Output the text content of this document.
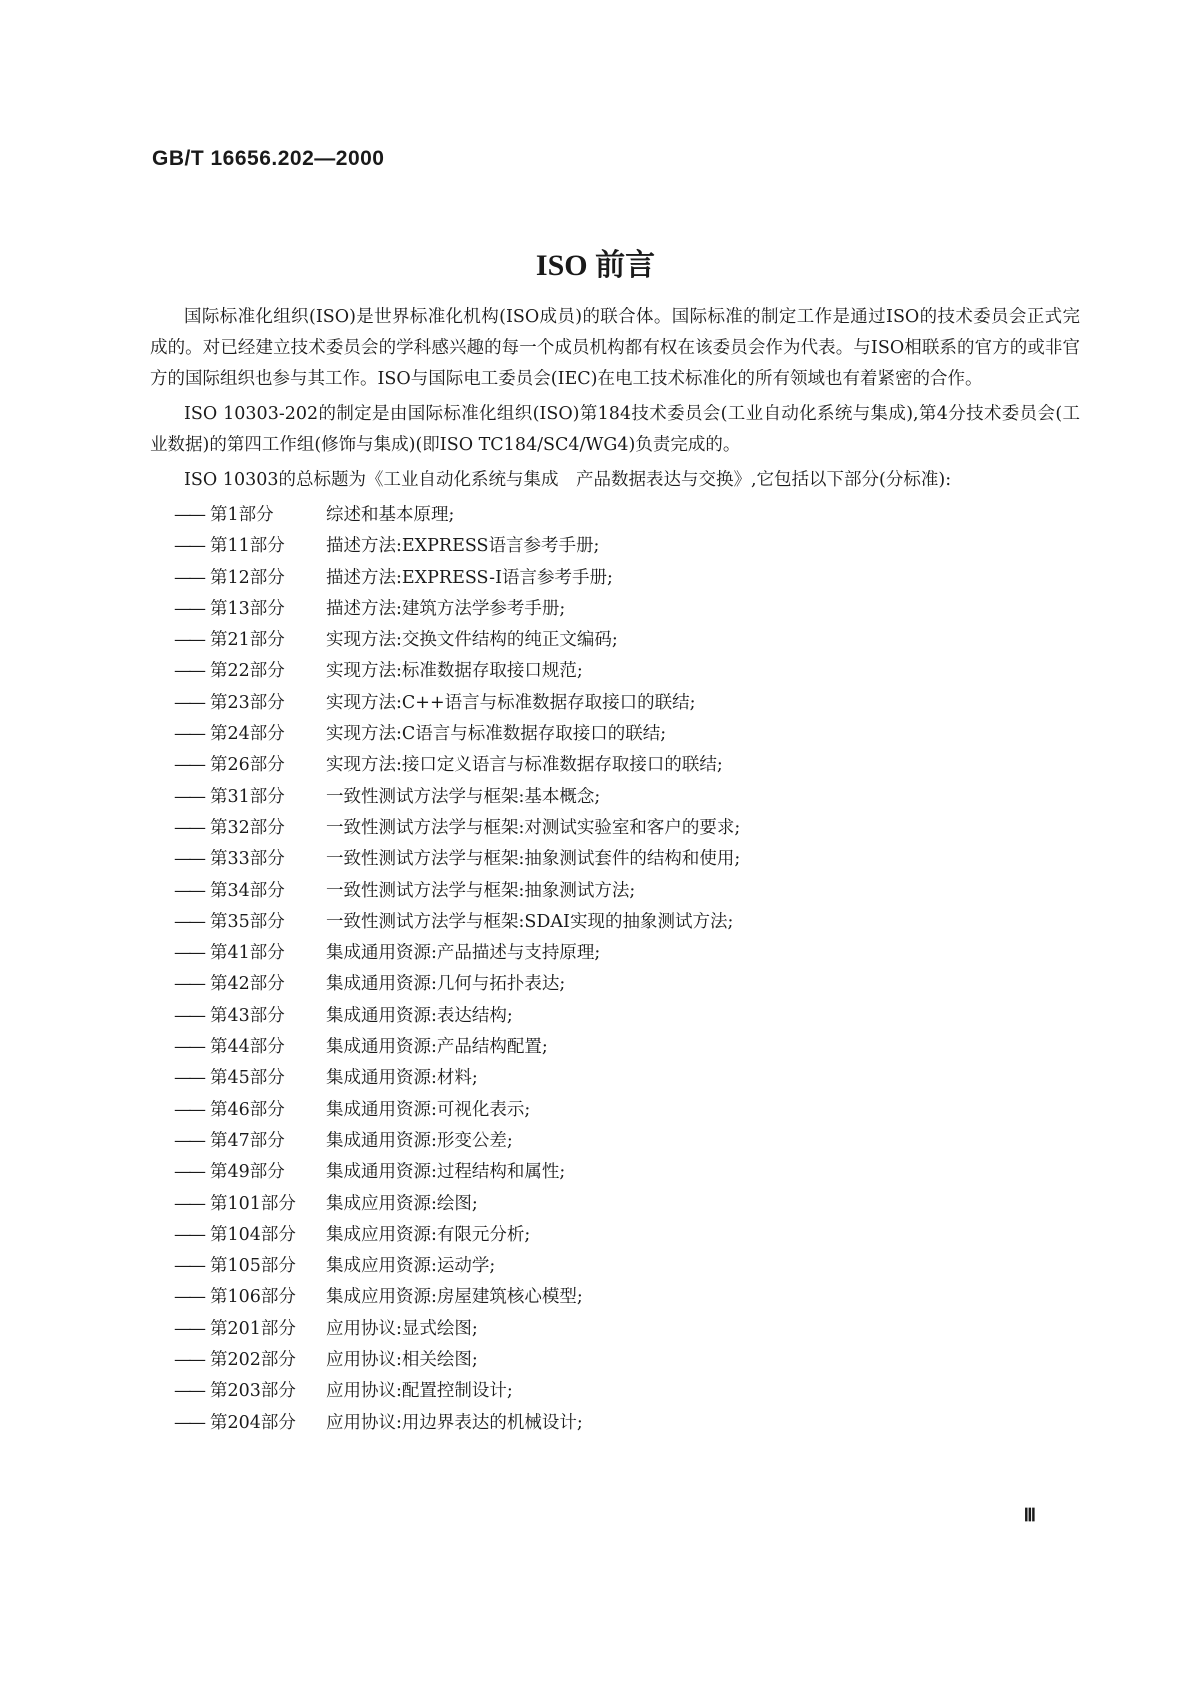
GB/T 16656.202—2000
ISO 前言

国际标准化组织(ISO)是世界标准化机构(ISO成员)的联合体。国际标准的制定工作是通过ISO的技术委员会正式完成的。对已经建立技术委员会的学科感兴趣的每一个成员机构都有权在该委员会作为代表。与ISO相联系的官方的或非官方的国际组织也参与其工作。ISO与国际电工委员会(IEC)在电工技术标准化的所有领域也有着紧密的合作。

ISO 10303-202的制定是由国际标准化组织(ISO)第184技术委员会(工业自动化系统与集成),第4分技术委员会(工业数据)的第四工作组(修饰与集成)(即ISO TC184/SC4/WG4)负责完成的。

ISO 10303的总标题为《工业自动化系统与集成　产品数据表达与交换》,它包括以下部分(分标准):

—— 第1部分	综述和基本原理;
—— 第11部分 描述方法:EXPRESS语言参考手册;
—— 第12部分 描述方法:EXPRESS-I语言参考手册;
—— 第13部分 描述方法:建筑方法学参考手册;
—— 第21部分 实现方法:交换文件结构的纯正文编码;
—— 第22部分 实现方法:标准数据存取接口规范;
—— 第23部分 实现方法:C++语言与标准数据存取接口的联结;
—— 第24部分 实现方法:C语言与标准数据存取接口的联结;
—— 第26部分 实现方法:接口定义语言与标准数据存取接口的联结;
—— 第31部分 一致性测试方法学与框架:基本概念;
—— 第32部分 一致性测试方法学与框架:对测试实验室和客户的要求;
—— 第33部分 一致性测试方法学与框架:抽象测试套件的结构和使用;
—— 第34部分 一致性测试方法学与框架:抽象测试方法;
—— 第35部分 一致性测试方法学与框架:SDAI实现的抽象测试方法;
—— 第41部分 集成通用资源:产品描述与支持原理;
—— 第42部分 集成通用资源:几何与拓扑表达;
—— 第43部分 集成通用资源:表达结构;
—— 第44部分 集成通用资源:产品结构配置;
—— 第45部分 集成通用资源:材料;
—— 第46部分 集成通用资源:可视化表示;
—— 第47部分 集成通用资源:形变公差;
—— 第49部分 集成通用资源:过程结构和属性;
—— 第101部分 集成应用资源:绘图;
—— 第104部分 集成应用资源:有限元分析;
—— 第105部分 集成应用资源:运动学;
—— 第106部分 集成应用资源:房屋建筑核心模型;
—— 第201部分 应用协议:显式绘图;
—— 第202部分 应用协议:相关绘图;
—— 第203部分 应用协议:配置控制设计;
—— 第204部分 应用协议:用边界表达的机械设计;
Ⅲ
